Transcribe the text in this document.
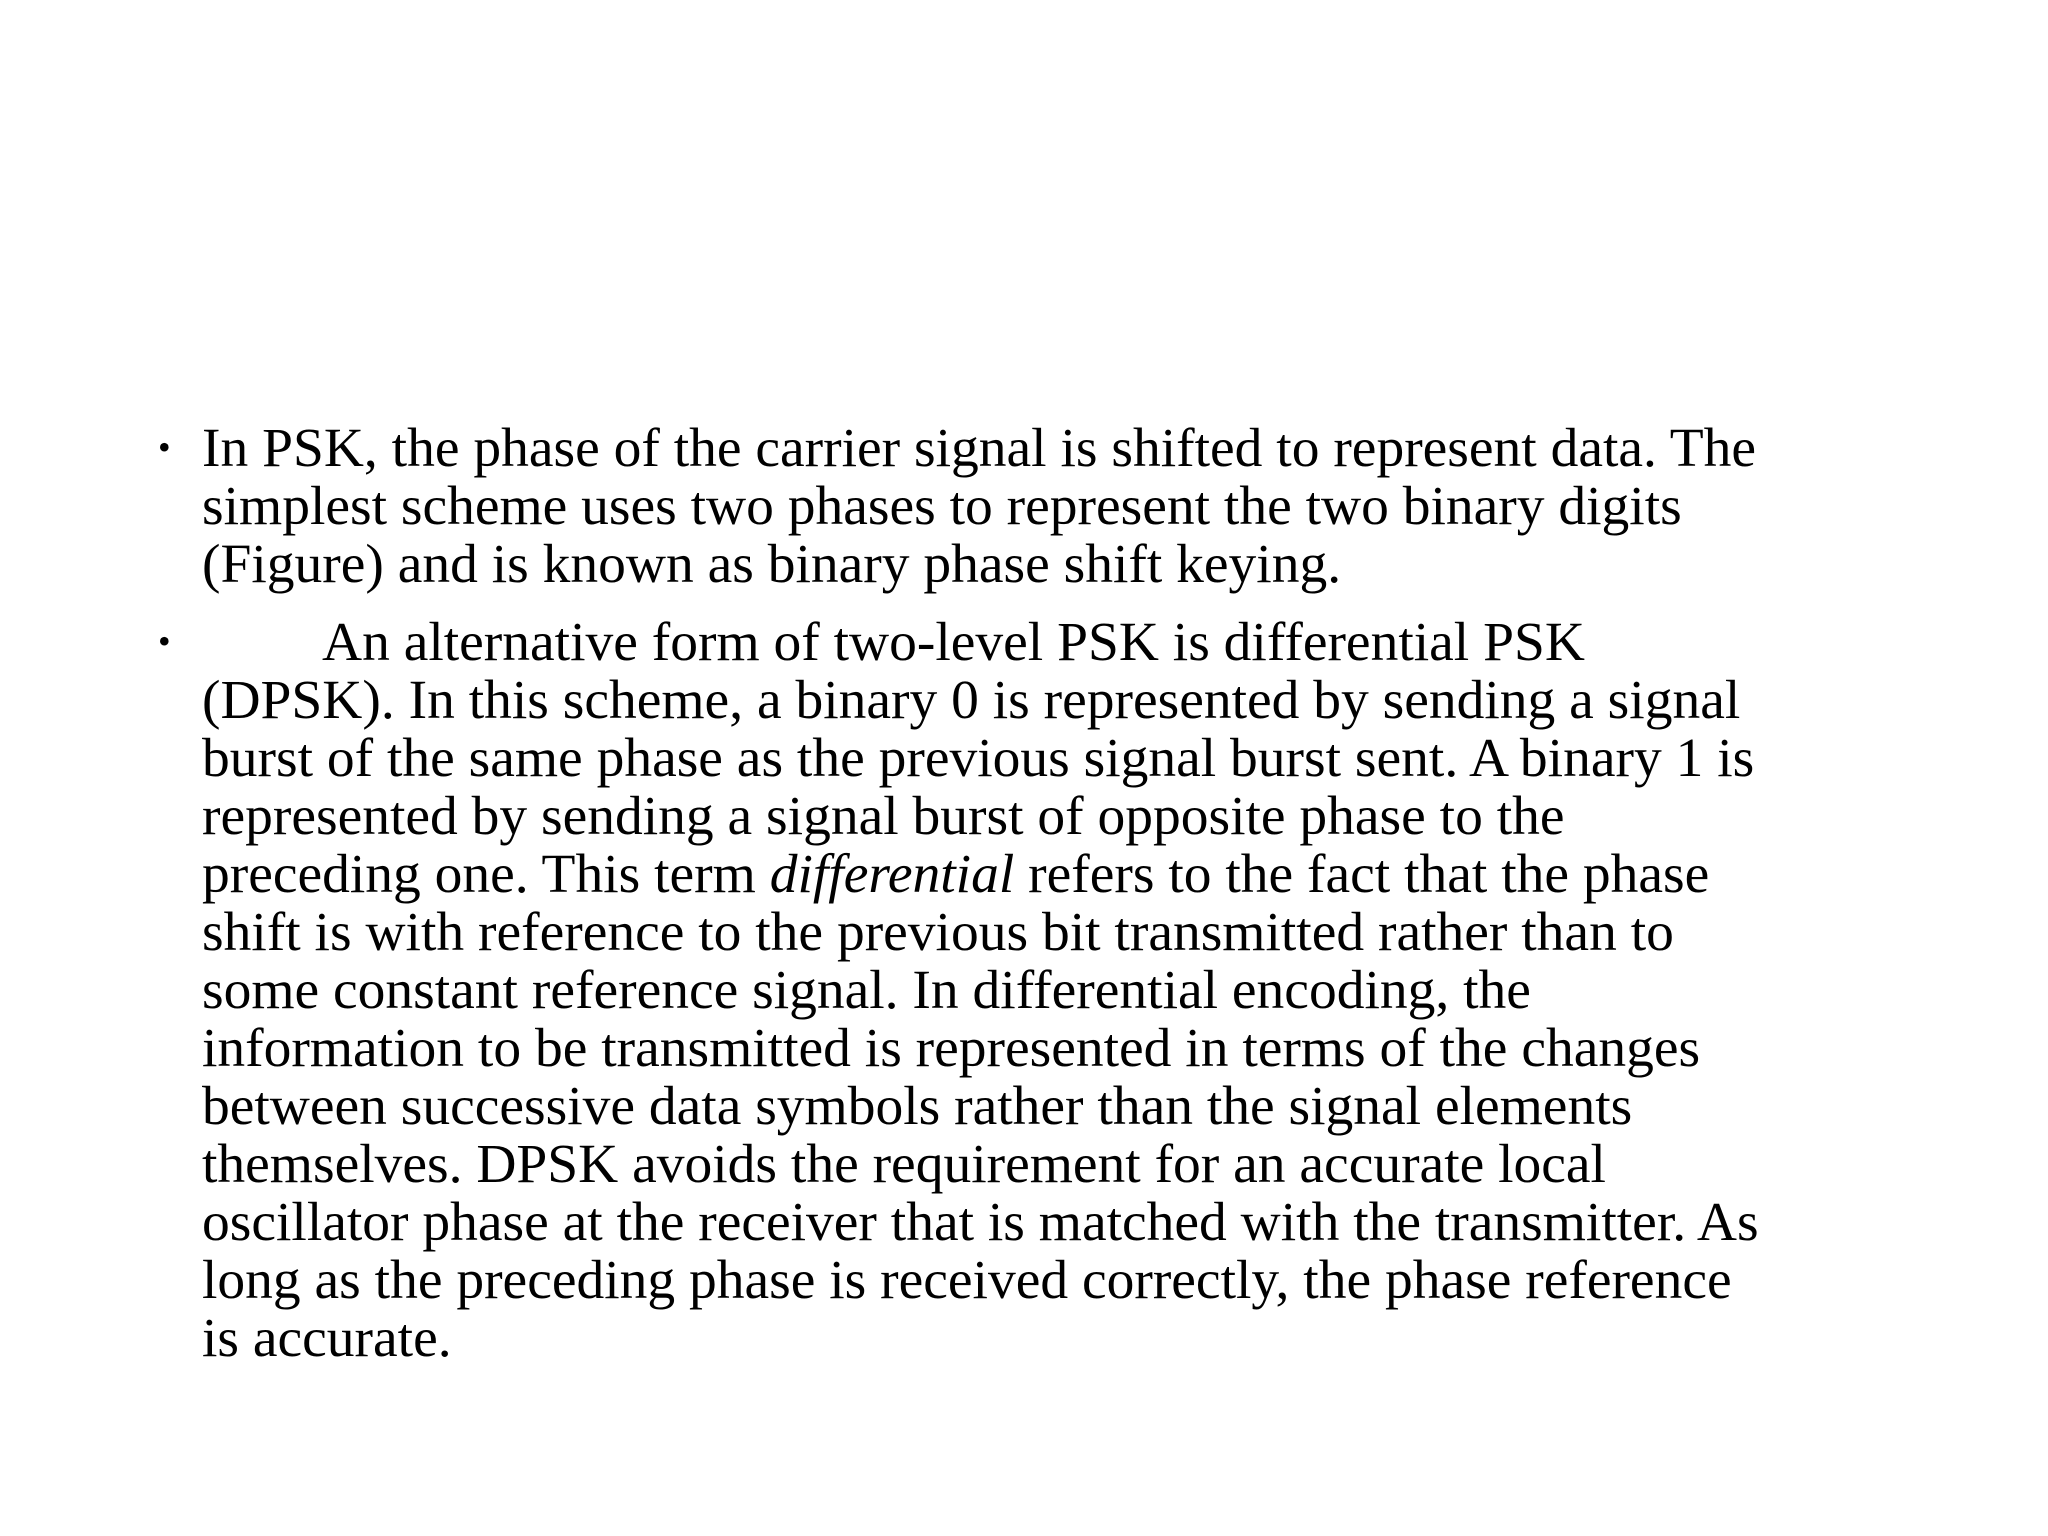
• In PSK, the phase of the carrier signal is shifted to represent data. The
simplest scheme uses two phases to represent the two binary digits
(Figure) and is known as binary phase shift keying.
•	An alternative form of two-level PSK is differential PSK
(DPSK). In this scheme, a binary 0 is represented by sending a signal
burst of the same phase as the previous signal burst sent. A binary 1 is
represented by sending a signal burst of opposite phase to the
preceding one. This term differential refers to the fact that the phase
shift is with reference to the previous bit transmitted rather than to
some constant reference signal. In differential encoding, the
information to be transmitted is represented in terms of the changes
between successive data symbols rather than the signal elements
themselves. DPSK avoids the requirement for an accurate local
oscillator phase at the receiver that is matched with the transmitter. As
long as the preceding phase is received correctly, the phase reference
is accurate.
